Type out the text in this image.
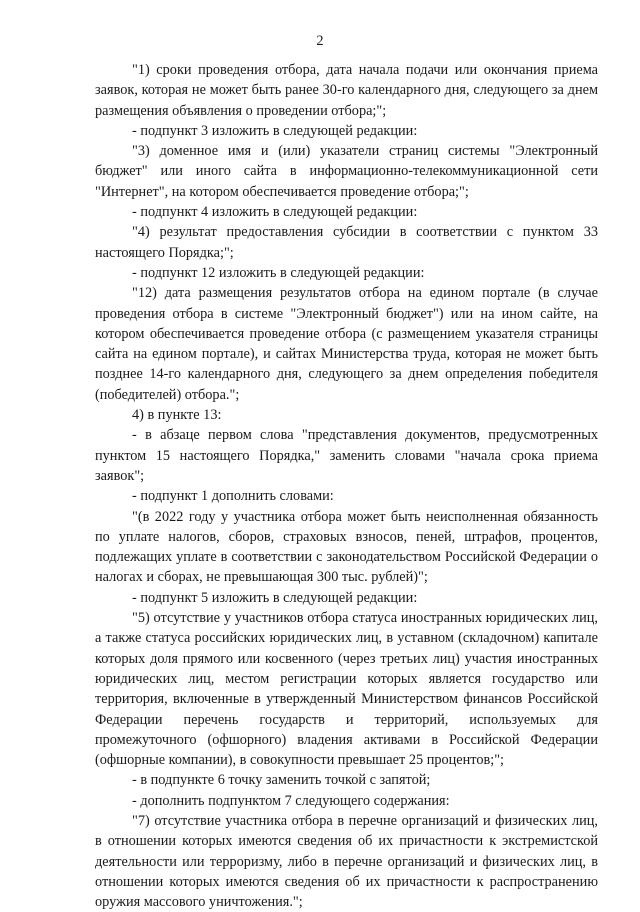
2

"1) сроки проведения отбора, дата начала подачи или окончания приема заявок, которая не может быть ранее 30-го календарного дня, следующего за днем размещения объявления о проведении отбора;";

- подпункт 3 изложить в следующей редакции:

"3) доменное имя и (или) указатели страниц системы "Электронный бюджет" или иного сайта в информационно-телекоммуникационной сети "Интернет", на котором обеспечивается проведение отбора;";

- подпункт 4 изложить в следующей редакции:

"4) результат предоставления субсидии в соответствии с пунктом 33 настоящего Порядка;";

- подпункт 12 изложить в следующей редакции:

"12) дата размещения результатов отбора на едином портале (в случае проведения отбора в системе "Электронный бюджет") или на ином сайте, на котором обеспечивается проведение отбора (с размещением указателя страницы сайта на едином портале), и сайтах Министерства труда, которая не может быть позднее 14-го календарного дня, следующего за днем определения победителя (победителей) отбора.";

4) в пункте 13:

- в абзаце первом слова "представления документов, предусмотренных пунктом 15 настоящего Порядка," заменить словами "начала срока приема заявок";

- подпункт 1 дополнить словами:

"(в 2022 году у участника отбора может быть неисполненная обязанность по уплате налогов, сборов, страховых взносов, пеней, штрафов, процентов, подлежащих уплате в соответствии с законодательством Российской Федерации о налогах и сборах, не превышающая 300 тыс. рублей)";

- подпункт 5 изложить в следующей редакции:

"5) отсутствие у участников отбора статуса иностранных юридических лиц, а также статуса российских юридических лиц, в уставном (складочном) капитале которых доля прямого или косвенного (через третьих лиц) участия иностранных юридических лиц, местом регистрации которых является государство или территория, включенные в утвержденный Министерством финансов Российской Федерации перечень государств и территорий, используемых для промежуточного (офшорного) владения активами в Российской Федерации (офшорные компании), в совокупности превышает 25 процентов;";

- в подпункте 6 точку заменить точкой с запятой;

- дополнить подпунктом 7 следующего содержания:

"7) отсутствие участника отбора в перечне организаций и физических лиц, в отношении которых имеются сведения об их причастности к экстремистской деятельности или терроризму, либо в перечне организаций и физических лиц, в отношении которых имеются сведения об их причастности к распространению оружия массового уничтожения.";
